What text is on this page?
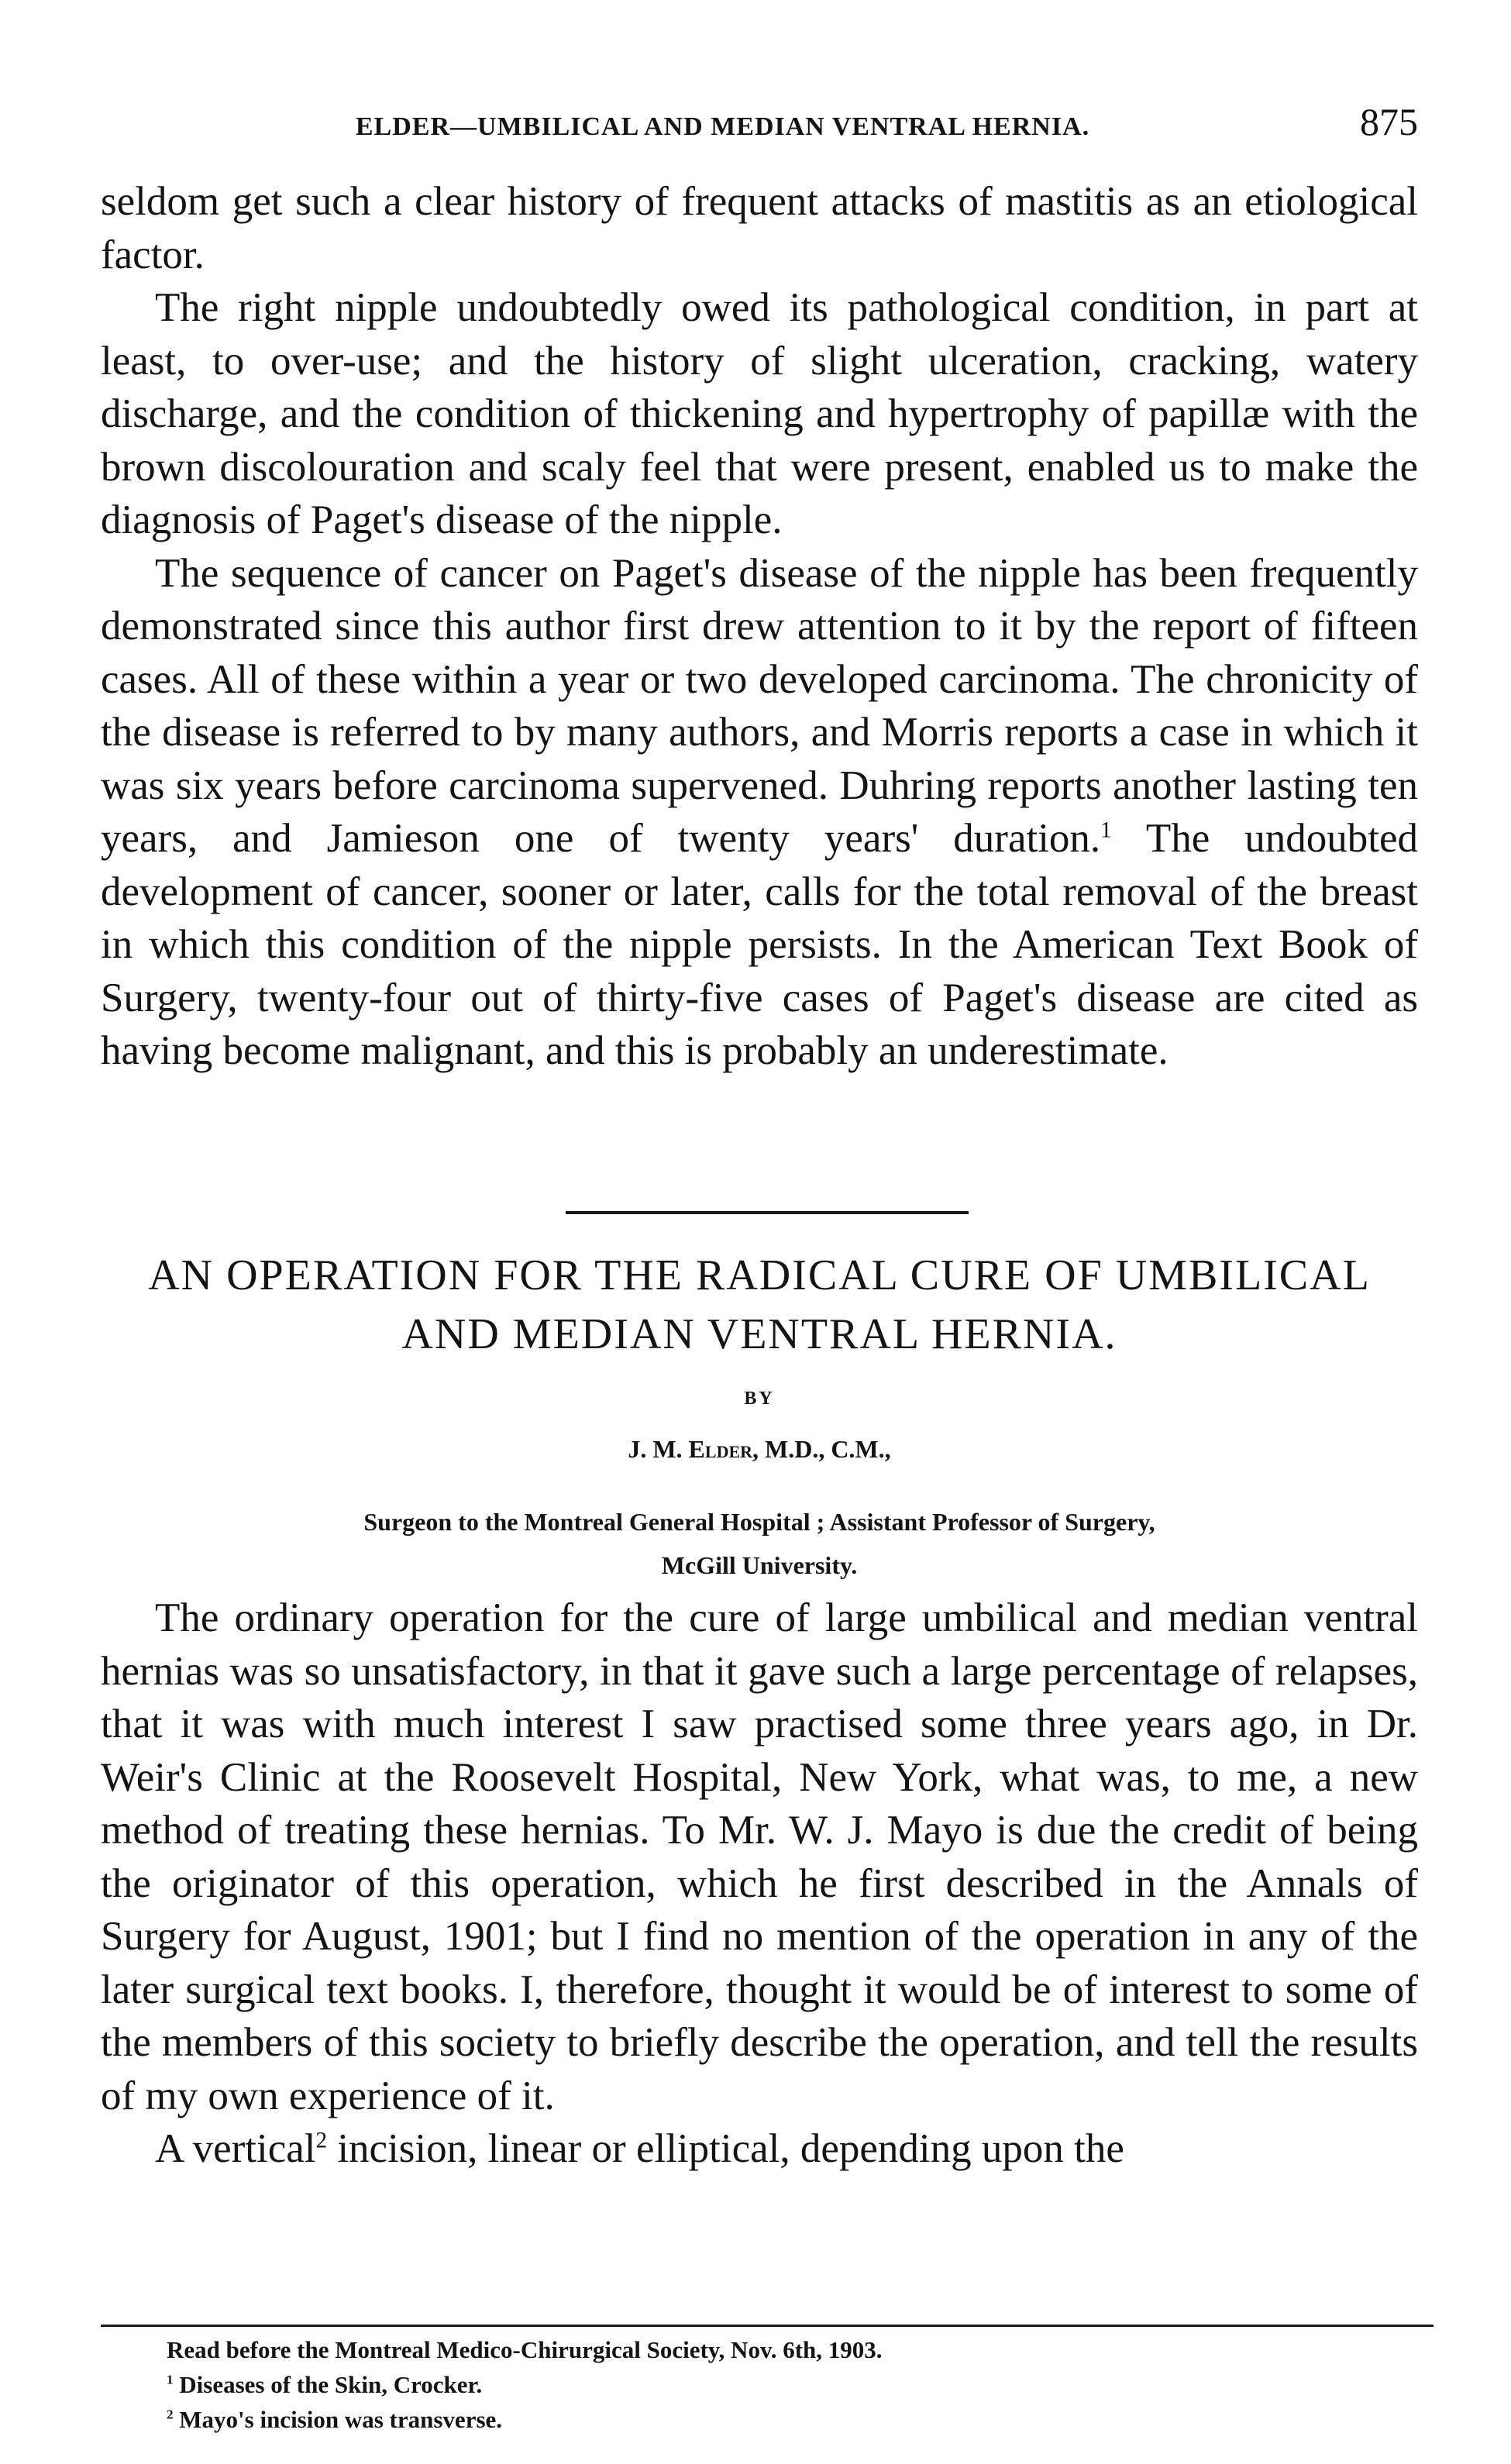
ELDER—UMBILICAL AND MEDIAN VENTRAL HERNIA.	875

seldom get such a clear history of frequent attacks of mastitis as an etiological factor.

The right nipple undoubtedly owed its pathological condition, in part at least, to over-use; and the history of slight ulceration, cracking, watery discharge, and the condition of thickening and hypertrophy of papillæ with the brown discolouration and scaly feel that were present, enabled us to make the diagnosis of Paget's disease of the nipple.

The sequence of cancer on Paget's disease of the nipple has been frequently demonstrated since this author first drew attention to it by the report of fifteen cases. All of these within a year or two developed carcinoma. The chronicity of the disease is referred to by many authors, and Morris reports a case in which it was six years before carcinoma supervened. Duhring reports another lasting ten years, and Jamieson one of twenty years' duration.$^1$ The undoubted development of cancer, sooner or later, calls for the total removal of the breast in which this condition of the nipple persists. In the American Text Book of Surgery, twenty-four out of thirty-five cases of Paget's disease are cited as having become malignant, and this is probably an underestimate.

AN OPERATION FOR THE RADICAL CURE OF UMBILICAL
AND MEDIAN VENTRAL HERNIA.
BY
J. M. Elder, M.D., C.M.,
Surgeon to the Montreal General Hospital ; Assistant Professor of Surgery,
McGill University.

The ordinary operation for the cure of large umbilical and median ventral hernias was so unsatisfactory, in that it gave such a large percentage of relapses, that it was with much interest I saw practised some three years ago, in Dr. Weir's Clinic at the Roosevelt Hospital, New York, what was, to me, a new method of treating these hernias. To Mr. W. J. Mayo is due the credit of being the originator of this operation, which he first described in the Annals of Surgery for August, 1901; but I find no mention of the operation in any of the later surgical text books. I, therefore, thought it would be of interest to some of the members of this society to briefly describe the operation, and tell the results of my own experience of it.

A vertical$^2$ incision, linear or elliptical, depending upon the

Read before the Montreal Medico-Chirurgical Society, Nov. 6th, 1903.
$^1$ Diseases of the Skin, Crocker.
$^2$ Mayo's incision was transverse.
